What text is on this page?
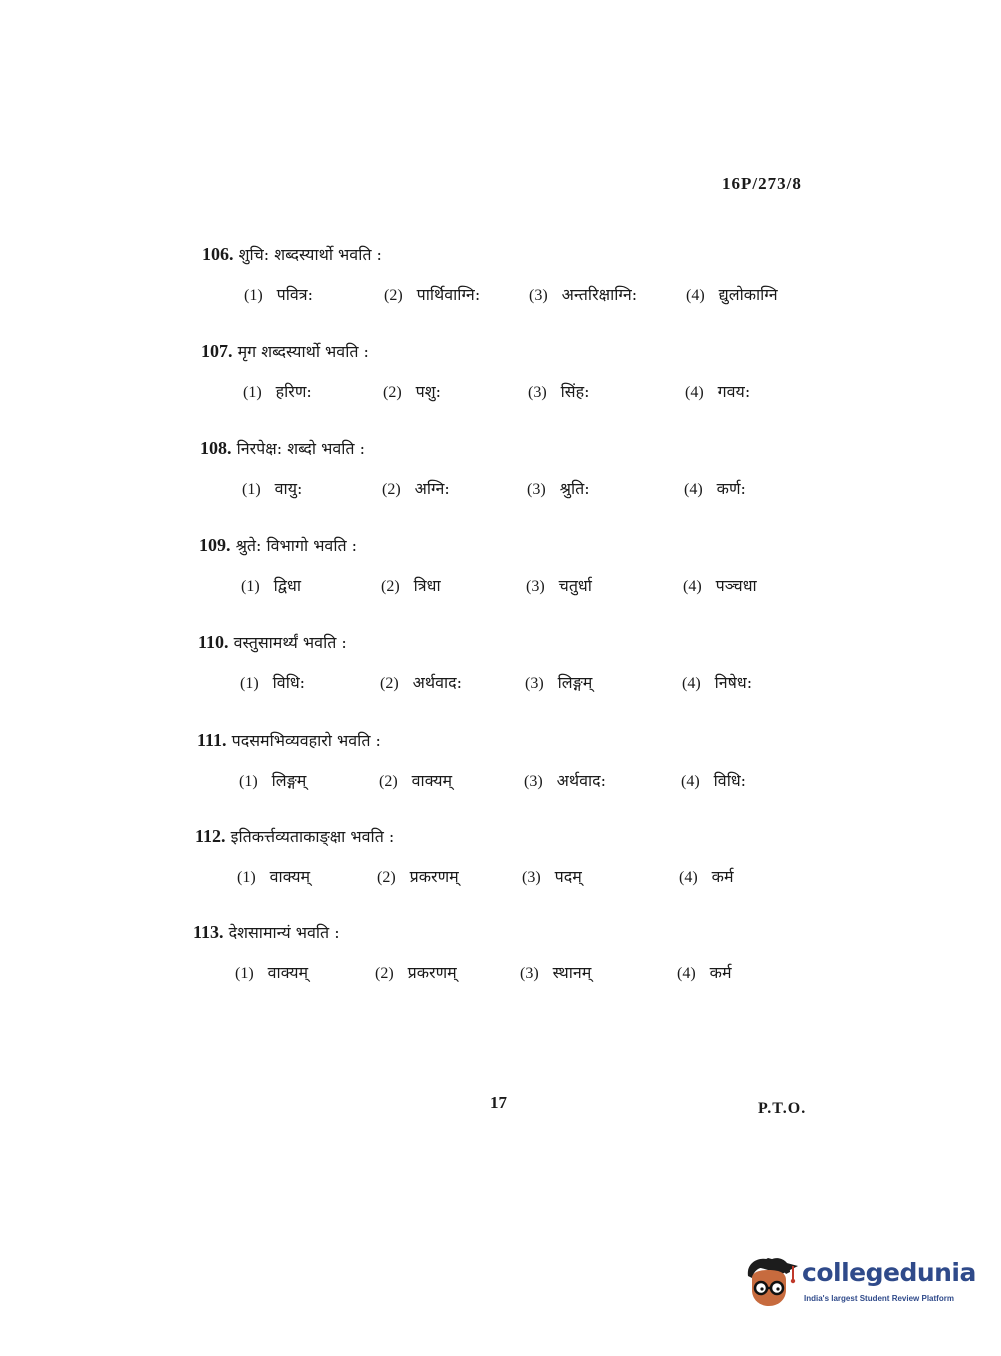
16P/273/8
106. शुचि: शब्दस्यार्थो भवति :
(1) पवित्र:	(2) पार्थिवाग्नि:	(3) अन्तरिक्षाग्नि:	(4) द्युलोकाग्नि
107. मृग शब्दस्यार्थो भवति :
(1) हरिण:	(2) पशु:	(3) सिंह:	(4) गवय:
108. निरपेक्ष: शब्दो भवति :
(1) वायु:	(2) अग्नि:	(3) श्रुति:	(4) कर्ण:
109. श्रुते: विभागो भवति :
(1) द्विधा	(2) त्रिधा	(3) चतुर्धा	(4) पञ्चधा
110. वस्तुसामर्थ्यं भवति :
(1) विधि:	(2) अर्थवाद:	(3) लिङ्गम्	(4) निषेध:
111. पदसमभिव्यवहारो भवति :
(1) लिङ्गम्	(2) वाक्यम्	(3) अर्थवाद:	(4) विधि:
112. इतिकर्त्तव्यताकाङ्क्षा भवति :
(1) वाक्यम्	(2) प्रकरणम्	(3) पदम्	(4) कर्म
113. देशसामान्यं भवति :
(1) वाक्यम्	(2) प्रकरणम्	(3) स्थानम्	(4) कर्म
17	P.T.O.
collegedunia
India's largest Student Review Platform
